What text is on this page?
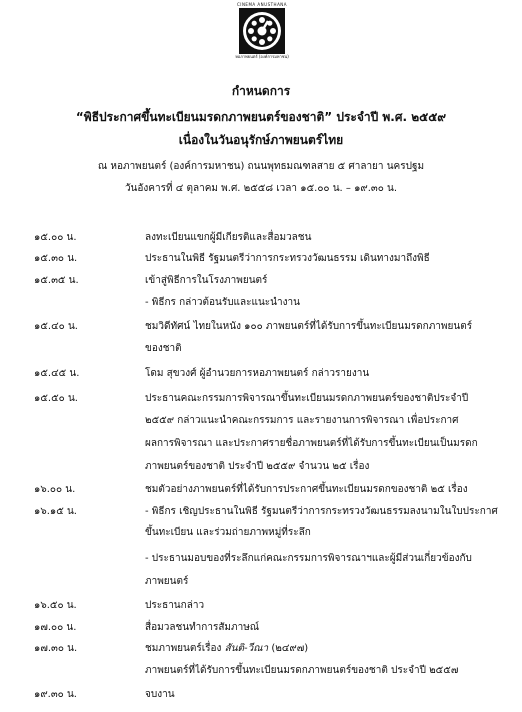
CINEMA ANUSTHANA
หอภาพยนตร์ (องค์การมหาชน)
กำหนดการ
“พิธีประกาศขึ้นทะเบียนมรดกภาพยนตร์ของชาติ” ประจำปี พ.ศ. ๒๕๕๙
เนื่องในวันอนุรักษ์ภาพยนตร์ไทย
ณ หอภาพยนตร์ (องค์การมหาชน) ถนนพุทธมณฑลสาย ๕ ศาลายา นครปฐม
วันอังคารที่ ๔ ตุลาคม พ.ศ. ๒๕๕๘ เวลา ๑๕.๐๐ น. – ๑๙.๓๐ น.
๑๕.๐๐ น.	ลงทะเบียนแขกผู้มีเกียรติและสื่อมวลชน
๑๕.๓๐ น.	ประธานในพิธี รัฐมนตรีว่าการกระทรวงวัฒนธรรม เดินทางมาถึงพิธี
๑๕.๓๕ น.	เข้าสู่พิธีการในโรงภาพยนตร์
- พิธีกร กล่าวต้อนรับและแนะนำงาน
๑๕.๔๐ น.	ชมวิดีทัศน์ ไทยในหนัง ๑๐๐ ภาพยนตร์ที่ได้รับการขึ้นทะเบียนมรดกภาพยนตร์
ของชาติ
๑๕.๔๕ น.	โดม สุขวงศ์ ผู้อำนวยการหอภาพยนตร์ กล่าวรายงาน
๑๕.๕๐ น.	ประธานคณะกรรมการพิจารณาขึ้นทะเบียนมรดกภาพยนตร์ของชาติประจำปี
๒๕๕๙ กล่าวแนะนำคณะกรรมการ และรายงานการพิจารณา เพื่อประกาศ
ผลการพิจารณา และประกาศรายชื่อภาพยนตร์ที่ได้รับการขึ้นทะเบียนเป็นมรดก
ภาพยนตร์ของชาติ ประจำปี ๒๕๕๙ จำนวน ๒๕ เรื่อง
๑๖.๐๐ น.	ชมตัวอย่างภาพยนตร์ที่ได้รับการประกาศขึ้นทะเบียนมรดกของชาติ ๒๕ เรื่อง
๑๖.๑๕ น.	- พิธีกร เชิญประธานในพิธี รัฐมนตรีว่าการกระทรวงวัฒนธรรมลงนามในใบประกาศ
ขึ้นทะเบียน และร่วมถ่ายภาพหมู่ที่ระลึก
- ประธานมอบของที่ระลึกแก่คณะกรรมการพิจารณาฯและผู้มีส่วนเกี่ยวข้องกับ
ภาพยนตร์
๑๖.๕๐ น.	ประธานกล่าว
๑๗.๐๐ น.	สื่อมวลชนทำการสัมภาษณ์
๑๗.๓๐ น.	ชมภาพยนตร์เรื่อง สันติ-วีณา (๒๔๙๗)
ภาพยนตร์ที่ได้รับการขึ้นทะเบียนมรดกภาพยนตร์ของชาติ ประจำปี ๒๕๕๗
๑๙.๓๐ น.	จบงาน
